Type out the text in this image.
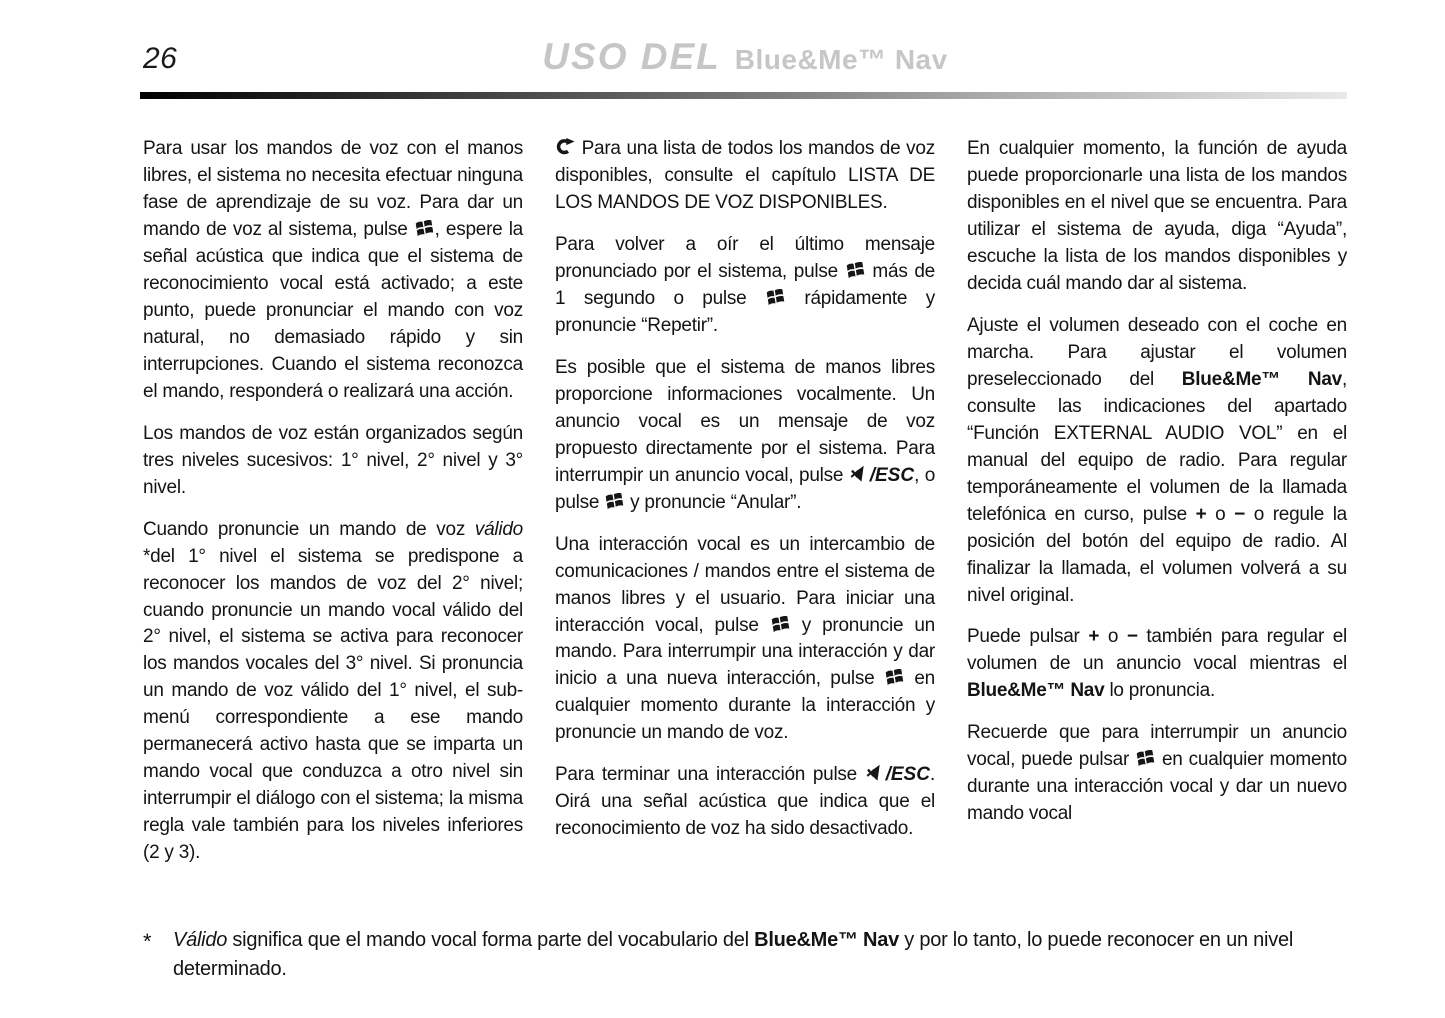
26	USO DEL Blue&Me™ Nav

Para usar los mandos de voz con el manos libres, el sistema no necesita efectuar ninguna fase de aprendizaje de su voz. Para dar un mando de voz al sistema, pulse , espere la señal acústica que indica que el sistema de reconocimiento vocal está activado; a este punto, puede pronunciar el mando con voz natural, no demasiado rápido y sin interrupciones. Cuando el sistema reconozca el mando, responderá o realizará una acción.

Los mandos de voz están organizados según tres niveles sucesivos: 1° nivel, 2° nivel y 3° nivel.

Cuando pronuncie un mando de voz válido *del 1° nivel el sistema se predispone a reconocer los mandos de voz del 2° nivel; cuando pronuncie un mando vocal válido del 2° nivel, el sistema se activa para reconocer los mandos vocales del 3° nivel. Si pronuncia un mando de voz válido del 1° nivel, el sub-menú correspondiente a ese mando permanecerá activo hasta que se imparta un mando vocal que conduzca a otro nivel sin interrumpir el diálogo con el sistema; la misma regla vale también para los niveles inferiores (2 y 3).

Para una lista de todos los mandos de voz disponibles, consulte el capítulo LISTA DE LOS MANDOS DE VOZ DISPONIBLES.

Para volver a oír el último mensaje pronunciado por el sistema, pulse  más de 1 segundo o pulse  rápidamente y pronuncie “Repetir”.

Es posible que el sistema de manos libres proporcione informaciones vocalmente. Un anuncio vocal es un mensaje de voz propuesto directamente por el sistema. Para interrumpir un anuncio vocal, pulse /ESC, o pulse  y pronuncie “Anular”.

Una interacción vocal es un intercambio de comunicaciones / mandos entre el sistema de manos libres y el usuario. Para iniciar una interacción vocal, pulse  y pronuncie un mando. Para interrumpir una interacción y dar inicio a una nueva interacción, pulse  en cualquier momento durante la interacción y pronuncie un mando de voz.

Para terminar una interacción pulse /ESC. Oirá una señal acústica que indica que el reconocimiento de voz ha sido desactivado.

En cualquier momento, la función de ayuda puede proporcionarle una lista de los mandos disponibles en el nivel que se encuentra. Para utilizar el sistema de ayuda, diga “Ayuda”, escuche la lista de los mandos disponibles y decida cuál mando dar al sistema.

Ajuste el volumen deseado con el coche en marcha. Para ajustar el volumen preseleccionado del Blue&Me™ Nav, consulte las indicaciones del apartado “Función EXTERNAL AUDIO VOL” en el manual del equipo de radio. Para regular temporáneamente el volumen de la llamada telefónica en curso, pulse + o − o regule la posición del botón del equipo de radio. Al finalizar la llamada, el volumen volverá a su nivel original.

Puede pulsar + o − también para regular el volumen de un anuncio vocal mientras el Blue&Me™ Nav lo pronuncia.

Recuerde que para interrumpir un anuncio vocal, puede pulsar  en cualquier momento durante una interacción vocal y dar un nuevo mando vocal

*	Válido significa que el mando vocal forma parte del vocabulario del Blue&Me™ Nav y por lo tanto, lo puede reconocer en un nivel determinado.
